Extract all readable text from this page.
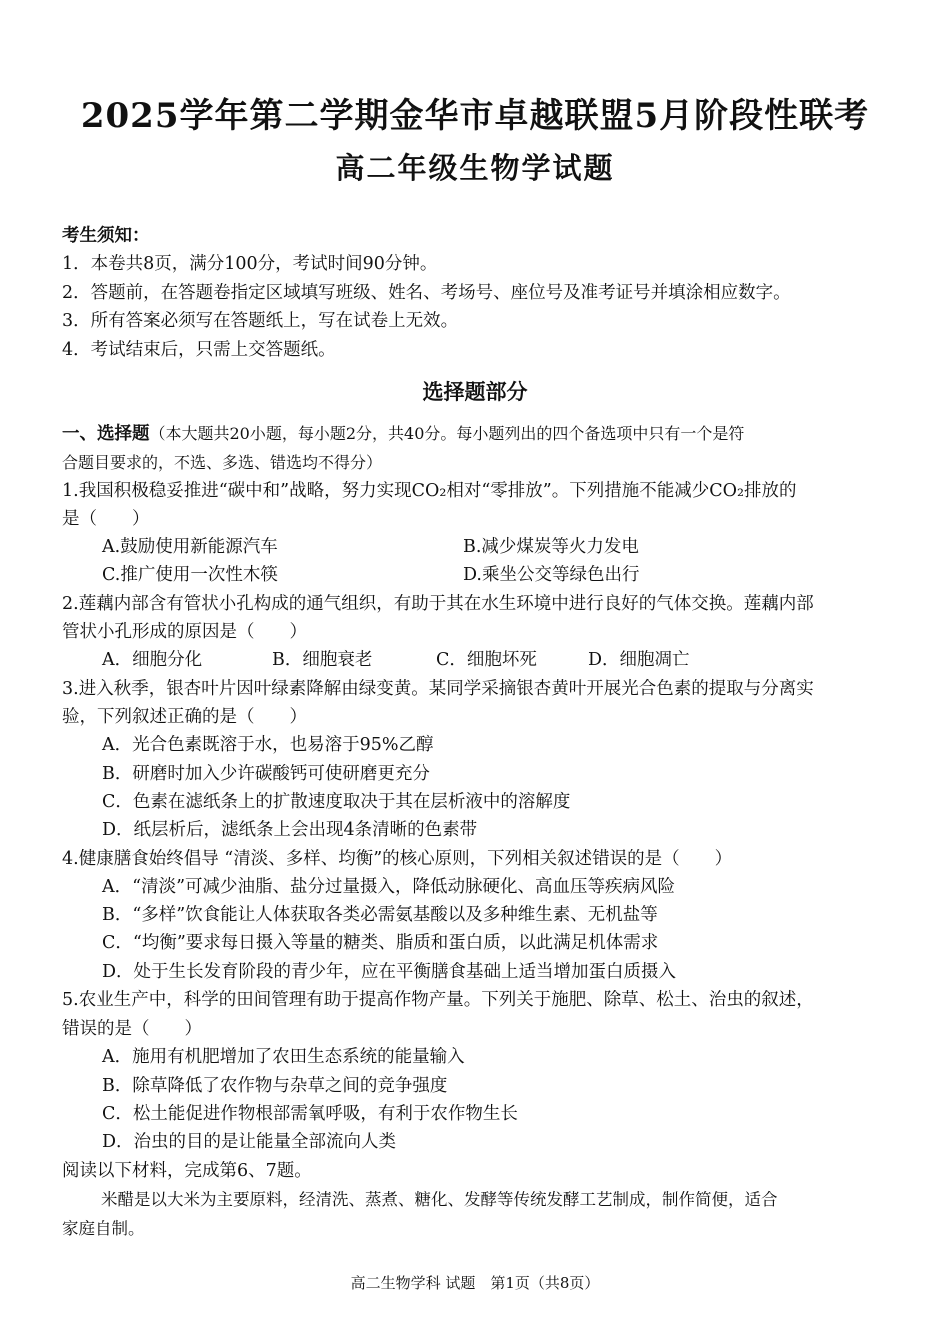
2025学年第二学期金华市卓越联盟5月阶段性联考
高二年级生物学试题
考生须知：
1．本卷共8页，满分100分，考试时间90分钟。
2．答题前，在答题卷指定区域填写班级、姓名、考场号、座位号及准考证号并填涂相应数字。
3．所有答案必须写在答题纸上，写在试卷上无效。
4．考试结束后，只需上交答题纸。
选择题部分
一、选择题（本大题共20小题，每小题2分，共40分。每小题列出的四个备选项中只有一个是符
合题目要求的，不选、多选、错选均不得分）
1.我国积极稳妥推进“碳中和”战略，努力实现CO₂相对“零排放”。下列措施不能减少CO₂排放的
是（　　）
A.鼓励使用新能源汽车	B.减少煤炭等火力发电
C.推广使用一次性木筷	D.乘坐公交等绿色出行
2.莲藕内部含有管状小孔构成的通气组织，有助于其在水生环境中进行良好的气体交换。莲藕内部
管状小孔形成的原因是（　　）
A．细胞分化	B．细胞衰老	C．细胞坏死	D．细胞凋亡
3.进入秋季，银杏叶片因叶绿素降解由绿变黄。某同学采摘银杏黄叶开展光合色素的提取与分离实
验，下列叙述正确的是（　　）
A．光合色素既溶于水，也易溶于95%乙醇
B．研磨时加入少许碳酸钙可使研磨更充分
C．色素在滤纸条上的扩散速度取决于其在层析液中的溶解度
D．纸层析后，滤纸条上会出现4条清晰的色素带
4.健康膳食始终倡导 “清淡、多样、均衡”的核心原则，下列相关叙述错误的是（　　）
A．“清淡”可减少油脂、盐分过量摄入，降低动脉硬化、高血压等疾病风险
B．“多样”饮食能让人体获取各类必需氨基酸以及多种维生素、无机盐等
C．“均衡”要求每日摄入等量的糖类、脂质和蛋白质，以此满足机体需求
D．处于生长发育阶段的青少年，应在平衡膳食基础上适当增加蛋白质摄入
5.农业生产中，科学的田间管理有助于提高作物产量。下列关于施肥、除草、松土、治虫的叙述，
错误的是（　　）
A．施用有机肥增加了农田生态系统的能量输入
B．除草降低了农作物与杂草之间的竞争强度
C．松土能促进作物根部需氧呼吸，有利于农作物生长
D．治虫的目的是让能量全部流向人类
阅读以下材料，完成第6、7题。
米醋是以大米为主要原料，经清洗、蒸煮、糖化、发酵等传统发酵工艺制成，制作简便，适合
家庭自制。
高二生物学科 试题　第1页（共8页）
